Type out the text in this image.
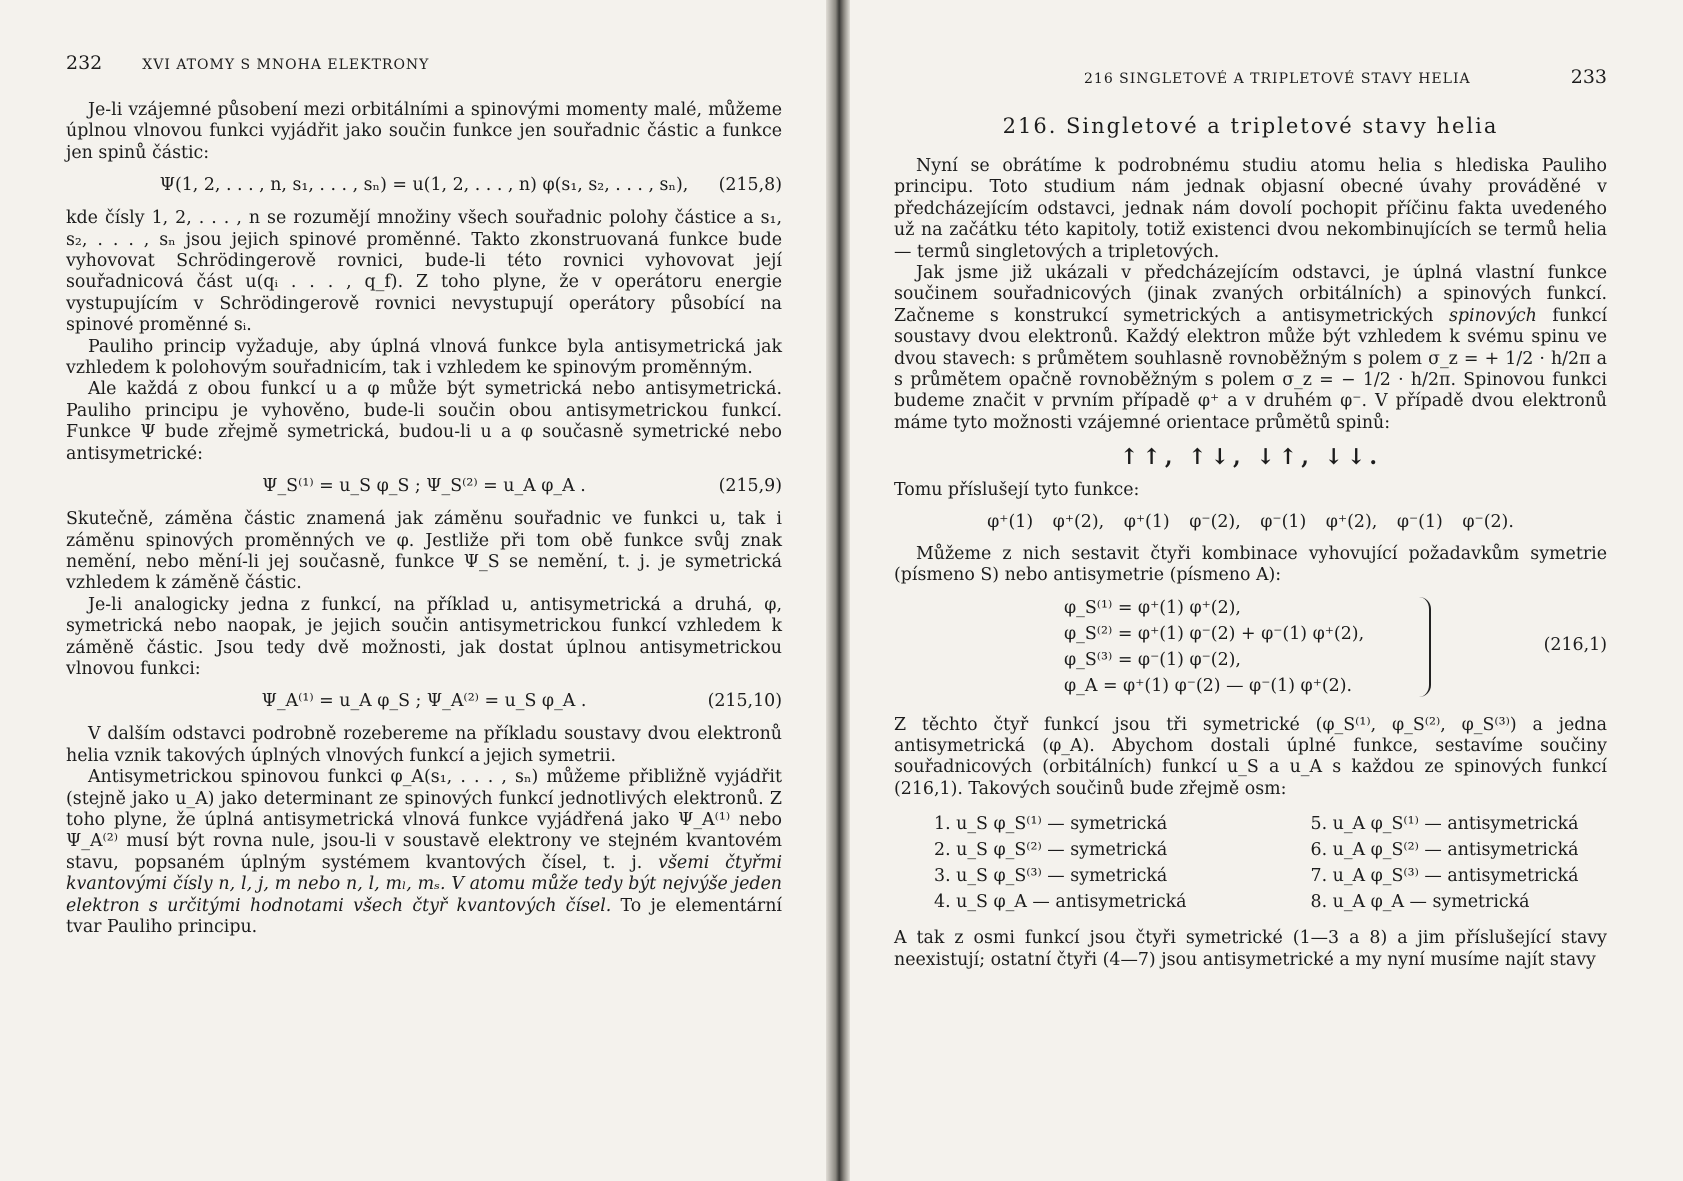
232	XVI ATOMY S MNOHA ELEKTRONY

Je-li vzájemné působení mezi orbitálními a spinovými momenty malé, můžeme úplnou vlnovou funkci vyjádřit jako součin funkce jen souřadnic částic a funkce jen spinů částic:

Ψ(1, 2, . . . , n, s₁, . . . , sₙ) = u(1, 2, . . . , n) φ(s₁, s₂, . . . , sₙ), (215,8)

kde čísly 1, 2, . . . , n se rozumějí množiny všech souřadnic polohy částice a s₁, s₂, . . . , sₙ jsou jejich spinové proměnné. Takto zkonstruovaná funkce bude vyhovovat Schrödingerově rovnici, bude-li této rovnici vyhovovat její souřadnicová část u(qᵢ . . . , q_f). Z toho plyne, že v operátoru energie vystupujícím v Schrödingerově rovnici nevystupují operátory působící na spinové proměnné sᵢ.

Pauliho princip vyžaduje, aby úplná vlnová funkce byla antisymetrická jak vzhledem k polohovým souřadnicím, tak i vzhledem ke spinovým proměnným.

Ale každá z obou funkcí u a φ může být symetrická nebo antisymetrická. Pauliho principu je vyhověno, bude-li součin obou antisymetrickou funkcí. Funkce Ψ bude zřejmě symetrická, budou-li u a φ současně symetrické nebo antisymetrické:

Ψ_S⁽¹⁾ = u_S φ_S ; Ψ_S⁽²⁾ = u_A φ_A .	(215,9)

Skutečně, záměna částic znamená jak záměnu souřadnic ve funkci u, tak i záměnu spinových proměnných ve φ. Jestliže při tom obě funkce svůj znak nemění, nebo mění-li jej současně, funkce Ψ_S se nemění, t. j. je symetrická vzhledem k záměně částic.

Je-li analogicky jedna z funkcí, na příklad u, antisymetrická a druhá, φ, symetrická nebo naopak, je jejich součin antisymetrickou funkcí vzhledem k záměně částic. Jsou tedy dvě možnosti, jak dostat úplnou antisymetrickou vlnovou funkci:

Ψ_A⁽¹⁾ = u_A φ_S ; Ψ_A⁽²⁾ = u_S φ_A .	(215,10)

V dalším odstavci podrobně rozebereme na příkladu soustavy dvou elektronů helia vznik takových úplných vlnových funkcí a jejich symetrii.

Antisymetrickou spinovou funkci φ_A(s₁, . . . , sₙ) můžeme přibližně vyjádřit (stejně jako u_A) jako determinant ze spinových funkcí jednotlivých elektronů. Z toho plyne, že úplná antisymetrická vlnová funkce vyjádřená jako Ψ_A⁽¹⁾ nebo Ψ_A⁽²⁾ musí být rovna nule, jsou-li v soustavě elektrony ve stejném kvantovém stavu, popsaném úplným systémem kvantových čísel, t. j. všemi čtyřmi kvantovými čísly n, l, j, m nebo n, l, mₗ, mₛ. V atomu může tedy být nejvýše jeden elektron s určitými hodnotami všech čtyř kvantových čísel. To je elementární tvar Pauliho principu.

216 SINGLETOVÉ A TRIPLETOVÉ STAVY HELIA	233
216. Singletové a tripletové stavy helia

Nyní se obrátíme k podrobnému studiu atomu helia s hlediska Pauliho principu. Toto studium nám jednak objasní obecné úvahy prováděné v předcházejícím odstavci, jednak nám dovolí pochopit příčinu fakta uvedeného už na začátku této kapitoly, totiž existenci dvou nekombinujících se termů helia — termů singletových a tripletových.

Jak jsme již ukázali v předcházejícím odstavci, je úplná vlastní funkce součinem souřadnicových (jinak zvaných orbitálních) a spinových funkcí. Začneme s konstrukcí symetrických a antisymetrických spinových funkcí soustavy dvou elektronů. Každý elektron může být vzhledem k svému spinu ve dvou stavech: s průmětem souhlasně rovnoběžným s polem σ_z = + 1/2 · h/2π a s průmětem opačně rovnoběžným s polem σ_z = − 1/2 · h/2π. Spinovou funkci budeme značit v prvním případě φ⁺ a v druhém φ⁻. V případě dvou elektronů máme tyto možnosti vzájemné orientace průmětů spinů:

↑↑, ↑↓, ↓↑, ↓↓.

Tomu příslušejí tyto funkce:

φ⁺(1) φ⁺(2), φ⁺(1) φ⁻(2), φ⁻(1) φ⁺(2), φ⁻(1) φ⁻(2).

Můžeme z nich sestavit čtyři kombinace vyhovující požadavkům symetrie (písmeno S) nebo antisymetrie (písmeno A):

φ_S⁽¹⁾ = φ⁺(1) φ⁺(2),
φ_S⁽²⁾ = φ⁺(1) φ⁻(2) + φ⁻(1) φ⁺(2),
φ_S⁽³⁾ = φ⁻(1) φ⁻(2),
φ_A = φ⁺(1) φ⁻(2) — φ⁻(1) φ⁺(2).
(216,1)

Z těchto čtyř funkcí jsou tři symetrické (φ_S⁽¹⁾, φ_S⁽²⁾, φ_S⁽³⁾) a jedna antisymetrická (φ_A). Abychom dostali úplné funkce, sestavíme součiny souřadnicových (orbitálních) funkcí u_S a u_A s každou ze spinových funkcí (216,1). Takových součinů bude zřejmě osm:

1. u_S φ_S⁽¹⁾ — symetrická	5. u_A φ_S⁽¹⁾ — antisymetrická
2. u_S φ_S⁽²⁾ — symetrická	6. u_A φ_S⁽²⁾ — antisymetrická
3. u_S φ_S⁽³⁾ — symetrická	7. u_A φ_S⁽³⁾ — antisymetrická
4. u_S φ_A — antisymetrická	8. u_A φ_A — symetrická

A tak z osmi funkcí jsou čtyři symetrické (1—3 a 8) a jim příslušející stavy neexistují; ostatní čtyři (4—7) jsou antisymetrické a my nyní musíme najít stavy
